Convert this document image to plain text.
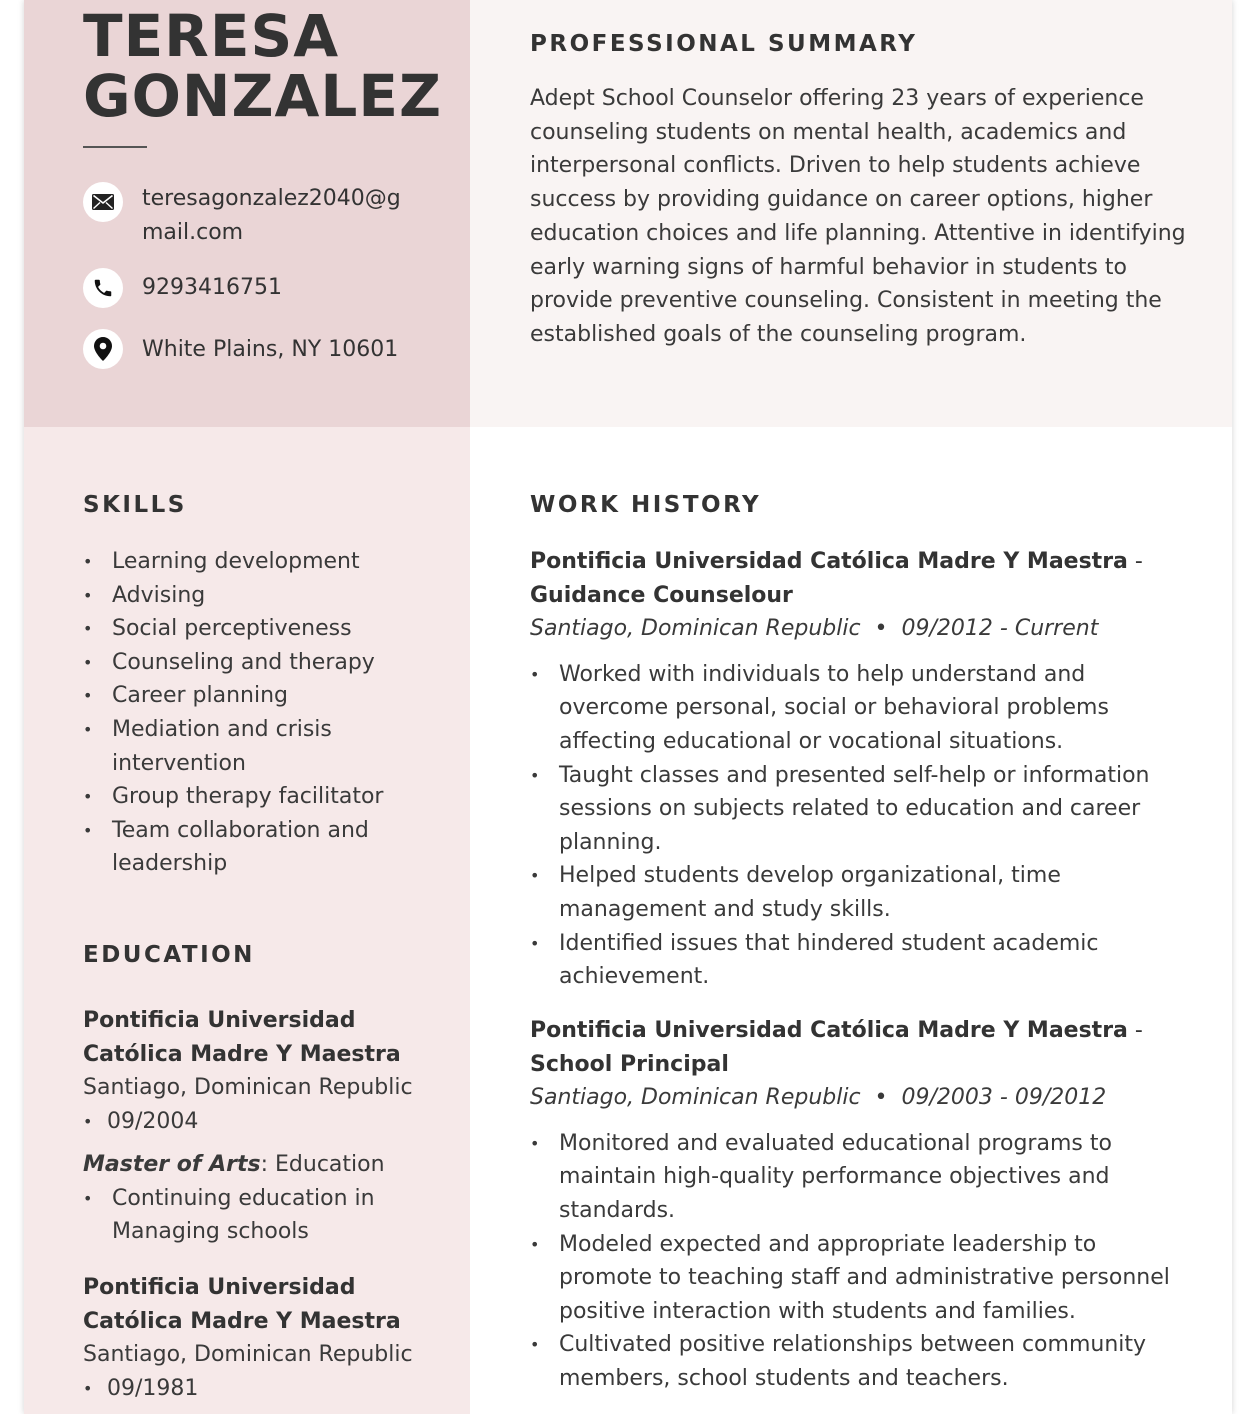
TERESA
GONZALEZ
teresagonzalez2040@gmail.com
9293416751
White Plains, NY 10601
PROFESSIONAL SUMMARY

Adept School Counselor offering 23 years of experience counseling students on mental health, academics and interpersonal conflicts. Driven to help students achieve success by providing guidance on career options, higher education choices and life planning. Attentive in identifying early warning signs of harmful behavior in students to provide preventive counseling. Consistent in meeting the established goals of the counseling program.

SKILLS
• Learning development
• Advising
• Social perceptiveness
• Counseling and therapy
• Career planning
• Mediation and crisis intervention
• Group therapy facilitator
• Team collaboration and leadership
EDUCATION
Pontificia Universidad Católica Madre Y Maestra
Santiago, Dominican Republic
• 09/2004
Master of Arts: Education
• Continuing education in Managing schools
Pontificia Universidad Católica Madre Y Maestra
Santiago, Dominican Republic
• 09/1981
WORK HISTORY
Pontificia Universidad Católica Madre Y Maestra -
Guidance Counselour
Santiago, Dominican Republic  •  09/2012 - Current
• Worked with individuals to help understand and overcome personal, social or behavioral problems affecting educational or vocational situations.
• Taught classes and presented self-help or information sessions on subjects related to education and career planning.
• Helped students develop organizational, time management and study skills.
• Identified issues that hindered student academic achievement.
Pontificia Universidad Católica Madre Y Maestra - School Principal
Santiago, Dominican Republic  •  09/2003 - 09/2012
• Monitored and evaluated educational programs to maintain high-quality performance objectives and standards.
• Modeled expected and appropriate leadership to promote to teaching staff and administrative personnel positive interaction with students and families.
• Cultivated positive relationships between community members, school students and teachers.
